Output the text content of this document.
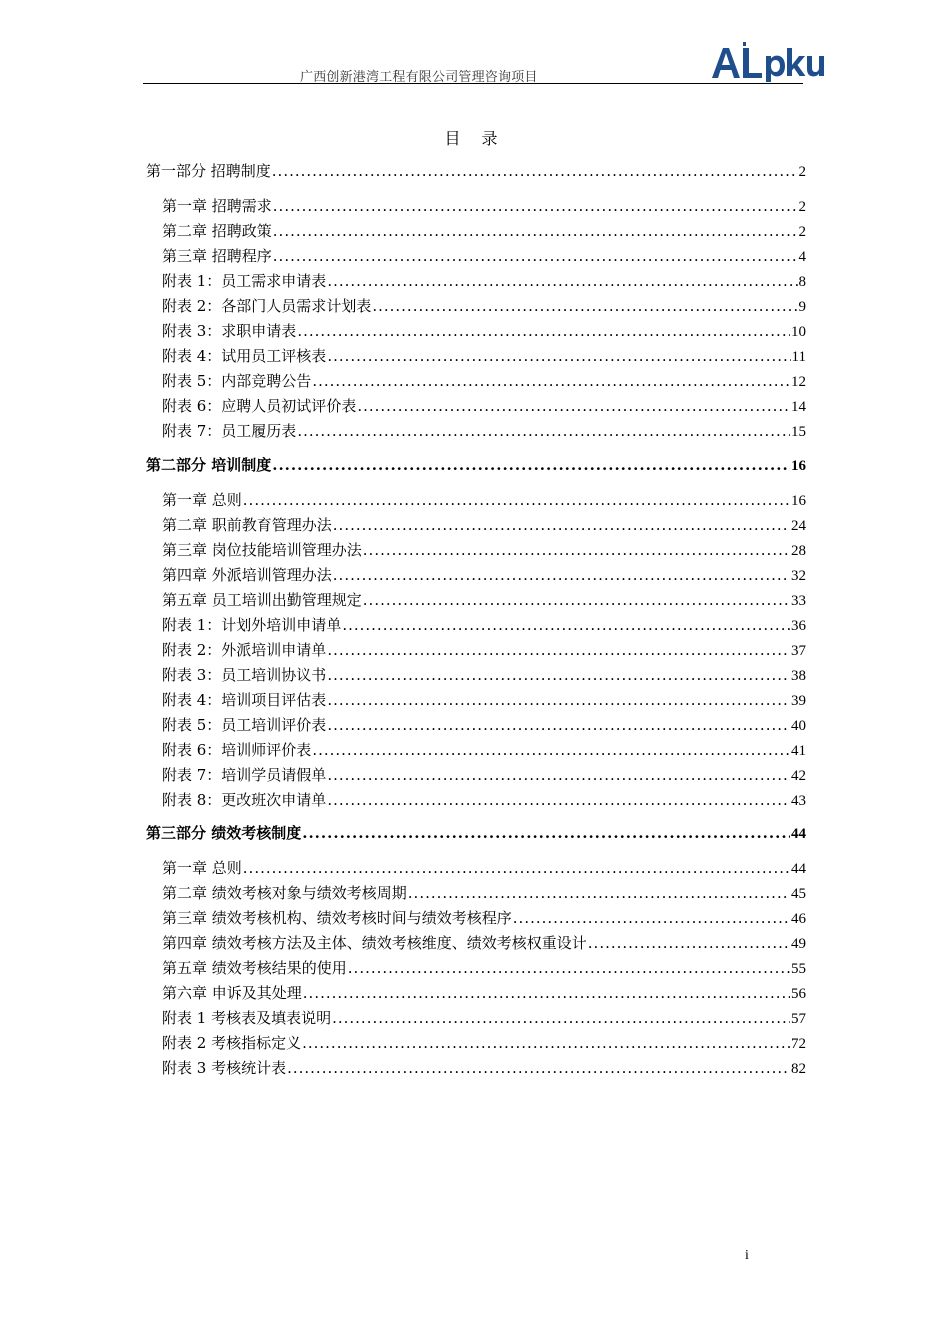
广西创新港湾工程有限公司管理咨询项目
目 录
第一部分 招聘制度 .....	2
第一章 招聘需求 .....	2
第二章 招聘政策 .....	2
第三章 招聘程序 .....	4
附表 1：员工需求申请表 .....	8
附表 2：各部门人员需求计划表 .....	9
附表 3：求职申请表 .....	10
附表 4：试用员工评核表 .....	11
附表 5：内部竞聘公告 .....	12
附表 6：应聘人员初试评价表 .....	14
附表 7：员工履历表 .....	15
第二部分 培训制度 .....	16
第一章 总则 .....	16
第二章 职前教育管理办法 .....	24
第三章 岗位技能培训管理办法 .....	28
第四章 外派培训管理办法 .....	32
第五章 员工培训出勤管理规定 .....	33
附表 1：计划外培训申请单 .....	36
附表 2：外派培训申请单 .....	37
附表 3：员工培训协议书 .....	38
附表 4：培训项目评估表 .....	39
附表 5：员工培训评价表 .....	40
附表 6：培训师评价表 .....	41
附表 7：培训学员请假单 .....	42
附表 8：更改班次申请单 .....	43
第三部分 绩效考核制度 .....	44
第一章 总则 .....	44
第二章 绩效考核对象与绩效考核周期 .....	45
第三章 绩效考核机构、绩效考核时间与绩效考核程序 .....	46
第四章 绩效考核方法及主体、绩效考核维度、绩效考核权重设计 .....	49
第五章 绩效考核结果的使用 .....	55
第六章 申诉及其处理 .....	56
附表 1 考核表及填表说明 .....	57
附表 2 考核指标定义 .....	72
附表 3 考核统计表 .....	82
i
